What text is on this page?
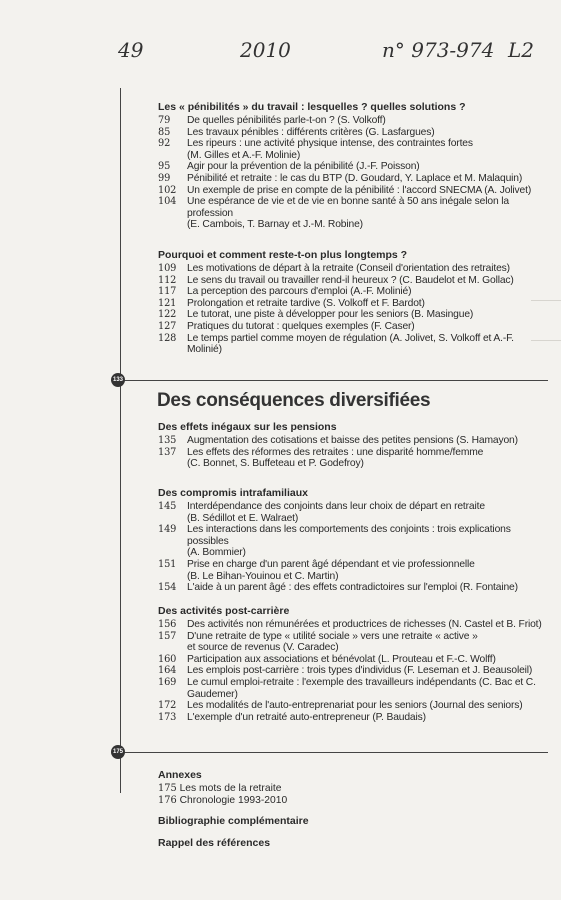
49	2010	n° 973-974 L2
133
175
Les « pénibilités » du travail : lesquelles ? quelles solutions ?
79 De quelles pénibilités parle-t-on ? (S. Volkoff)
85 Les travaux pénibles : différents critères (G. Lasfargues)
92 Les ripeurs : une activité physique intense, des contraintes fortes
(M. Gilles et A.-F. Molinie)
95 Agir pour la prévention de la pénibilité (J.-F. Poisson)
99 Pénibilité et retraite : le cas du BTP (D. Goudard, Y. Laplace et M. Malaquin)
102 Un exemple de prise en compte de la pénibilité : l'accord SNECMA (A. Jolivet)
104 Une espérance de vie et de vie en bonne santé à 50 ans inégale selon la profession
(E. Cambois, T. Barnay et J.-M. Robine)
Pourquoi et comment reste-t-on plus longtemps ?
109 Les motivations de départ à la retraite (Conseil d'orientation des retraites)
112 Le sens du travail ou travailler rend-il heureux ? (C. Baudelot et M. Gollac)
117 La perception des parcours d'emploi (A.-F. Molinié)
121 Prolongation et retraite tardive (S. Volkoff et F. Bardot)
122 Le tutorat, une piste à développer pour les seniors (B. Masingue)
127 Pratiques du tutorat : quelques exemples (F. Caser)
128 Le temps partiel comme moyen de régulation (A. Jolivet, S. Volkoff et A.-F. Molinié)
Des conséquences diversifiées
Des effets inégaux sur les pensions
135 Augmentation des cotisations et baisse des petites pensions (S. Hamayon)
137 Les effets des réformes des retraites : une disparité homme/femme
(C. Bonnet, S. Buffeteau et P. Godefroy)
Des compromis intrafamiliaux
145 Interdépendance des conjoints dans leur choix de départ en retraite
(B. Sédillot et E. Walraet)
149 Les interactions dans les comportements des conjoints : trois explications possibles
(A. Bommier)
151 Prise en charge d'un parent âgé dépendant et vie professionnelle
(B. Le Bihan-Youinou et C. Martin)
154 L'aide à un parent âgé : des effets contradictoires sur l'emploi (R. Fontaine)
Des activités post-carrière
156 Des activités non rémunérées et productrices de richesses (N. Castel et B. Friot)
157 D'une retraite de type « utilité sociale » vers une retraite « active »
et source de revenus (V. Caradec)
160 Participation aux associations et bénévolat (L. Prouteau et F.-C. Wolff)
164 Les emplois post-carrière : trois types d'individus (F. Leseman et J. Beausoleil)
169 Le cumul emploi-retraite : l'exemple des travailleurs indépendants (C. Bac et C. Gaudemer)
172 Les modalités de l'auto-entreprenariat pour les seniors (Journal des seniors)
173 L'exemple d'un retraité auto-entrepreneur (P. Baudais)
Annexes
175 Les mots de la retraite
176 Chronologie 1993-2010
Bibliographie complémentaire
Rappel des références
